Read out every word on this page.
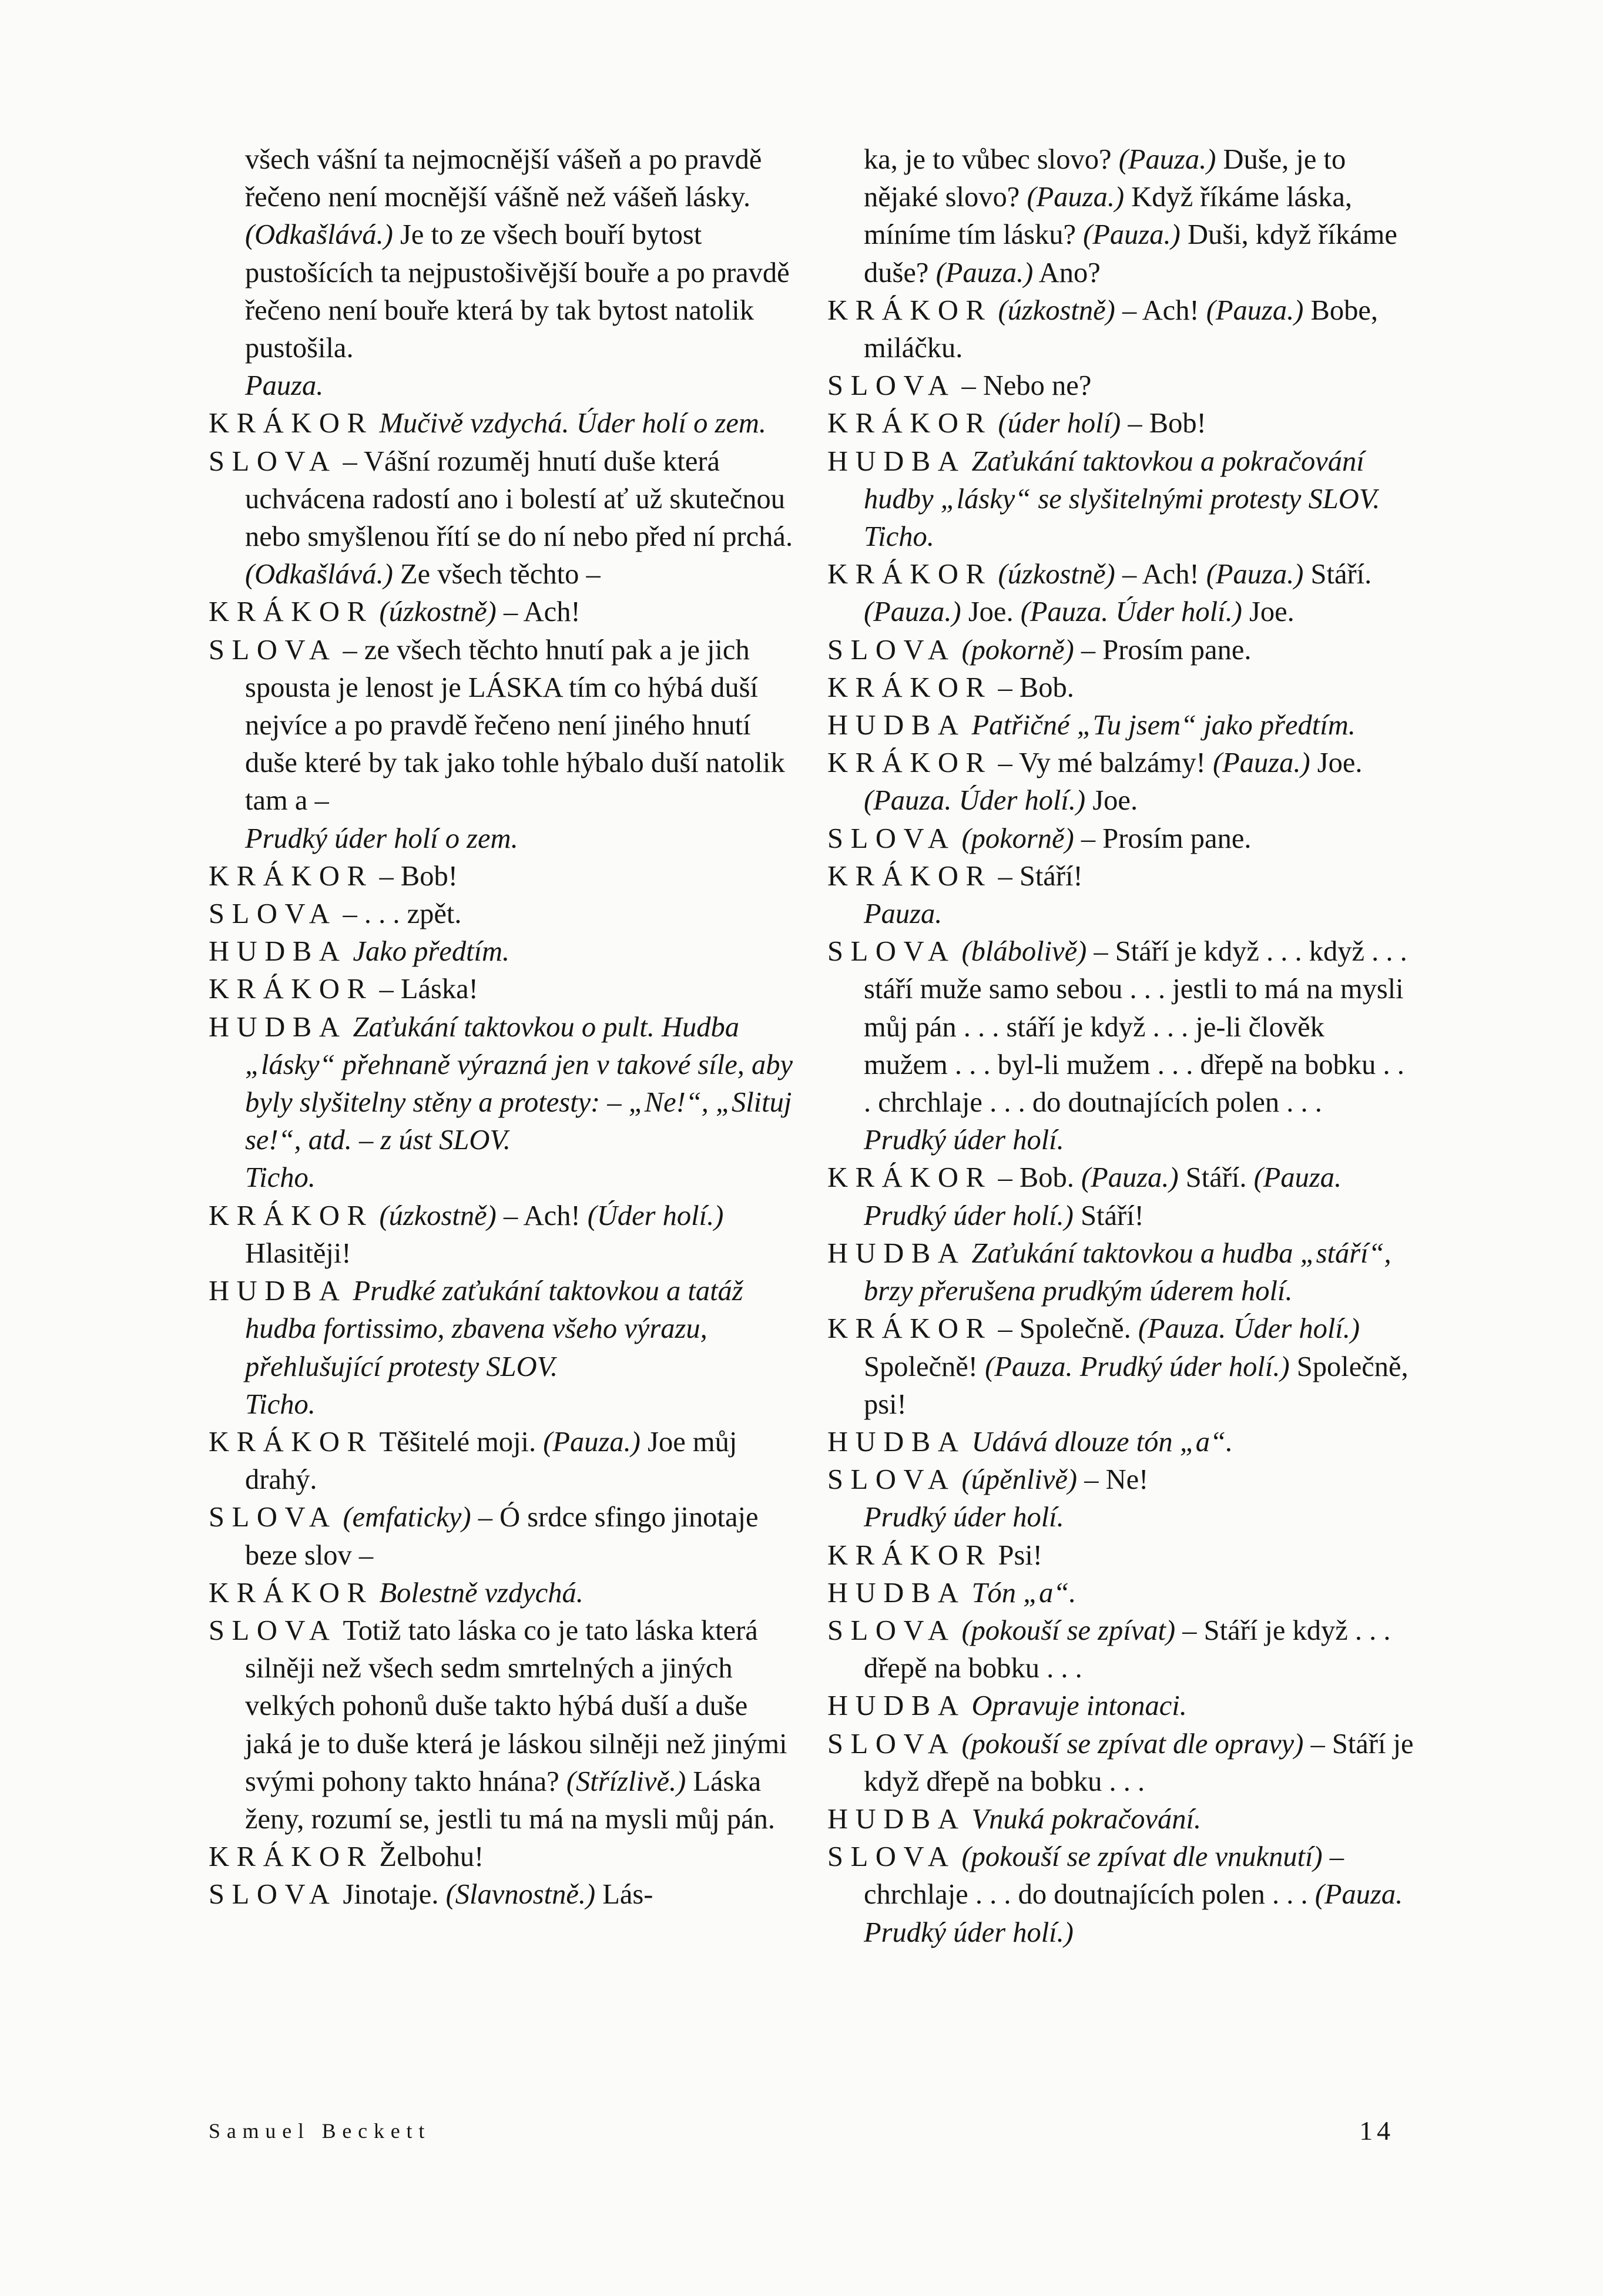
všech vášní ta nejmocnější vášeň a po pravdě řečeno není mocnější vášně než vášeň lásky. (Odkašlává.) Je to ze všech bouří bytost pustošících ta nejpustošivější bouře a po pravdě řečeno není bouře která by tak bytost natolik pustošila.

Pauza.

KRÁKOR Mučivě vzdychá. Úder holí o zem.

SLOVA – Vášní rozuměj hnutí duše která uchvácena radostí ano i bolestí ať už skutečnou nebo smyšlenou řítí se do ní nebo před ní prchá. (Odkašlává.) Ze všech těchto –

KRÁKOR (úzkostně) – Ach!

SLOVA – ze všech těchto hnutí pak a je jich spousta je lenost je LÁSKA tím co hýbá duší nejvíce a po pravdě řečeno není jiného hnutí duše které by tak jako tohle hýbalo duší natolik tam a –

Prudký úder holí o zem.

KRÁKOR – Bob!

SLOVA – . . . zpět.

HUDBA Jako předtím.

KRÁKOR – Láska!

HUDBA Zaťukání taktovkou o pult. Hudba „lásky“ přehnaně výrazná jen v takové síle, aby byly slyšitelny stěny a protesty: – „Ne!“, „Slituj se!“, atd. – z úst SLOV.

Ticho.

KRÁKOR (úzkostně) – Ach! (Úder holí.) Hlasitěji!

HUDBA Prudké zaťukání taktovkou a tatáž hudba fortissimo, zbavena všeho výrazu, přehlušující protesty SLOV.

Ticho.

KRÁKOR Těšitelé moji. (Pauza.) Joe můj drahý.

SLOVA (emfaticky) – Ó srdce sfingo jinotaje beze slov –

KRÁKOR Bolestně vzdychá.

SLOVA Totiž tato láska co je tato láska která silněji než všech sedm smrtelných a jiných velkých pohonů duše takto hýbá duší a duše jaká je to duše která je láskou silněji než jinými svými pohony takto hnána? (Střízlivě.) Láska ženy, rozumí se, jestli tu má na mysli můj pán.

KRÁKOR Želbohu!

SLOVA Jinotaje. (Slavnostně.) Lás-

ka, je to vůbec slovo? (Pauza.) Duše, je to nějaké slovo? (Pauza.) Když říkáme láska, míníme tím lásku? (Pauza.) Duši, když říkáme duše? (Pauza.) Ano?

KRÁKOR (úzkostně) – Ach! (Pauza.) Bobe, miláčku.

SLOVA – Nebo ne?

KRÁKOR (úder holí) – Bob!

HUDBA Zaťukání taktovkou a pokračování hudby „lásky“ se slyšitelnými protesty SLOV.

Ticho.

KRÁKOR (úzkostně) – Ach! (Pauza.) Stáří. (Pauza.) Joe. (Pauza. Úder holí.) Joe.

SLOVA (pokorně) – Prosím pane.

KRÁKOR – Bob.

HUDBA Patřičné „Tu jsem“ jako předtím.

KRÁKOR – Vy mé balzámy! (Pauza.) Joe. (Pauza. Úder holí.) Joe.

SLOVA (pokorně) – Prosím pane.

KRÁKOR – Stáří!

Pauza.

SLOVA (blábolivě) – Stáří je když . . . když . . . stáří muže samo sebou . . . jestli to má na mysli můj pán . . . stáří je když . . . je-li člověk mužem . . . byl-li mužem . . . dřepě na bobku . . . chrchlaje . . . do doutnajících polen . . .

Prudký úder holí.

KRÁKOR – Bob. (Pauza.) Stáří. (Pauza. Prudký úder holí.) Stáří!

HUDBA Zaťukání taktovkou a hudba „stáří“, brzy přerušena prudkým úderem holí.

KRÁKOR – Společně. (Pauza. Úder holí.) Společně! (Pauza. Prudký úder holí.) Společně, psi!

HUDBA Udává dlouze tón „a“.

SLOVA (úpěnlivě) – Ne!

Prudký úder holí.

KRÁKOR Psi!

HUDBA Tón „a“.

SLOVA (pokouší se zpívat) – Stáří je když . . . dřepě na bobku . . .

HUDBA Opravuje intonaci.

SLOVA (pokouší se zpívat dle opravy) – Stáří je když dřepě na bobku . . .

HUDBA Vnuká pokračování.

SLOVA (pokouší se zpívat dle vnuknutí) – chrchlaje . . . do doutnajících polen . . . (Pauza. Prudký úder holí.)

Samuel Beckett	14
